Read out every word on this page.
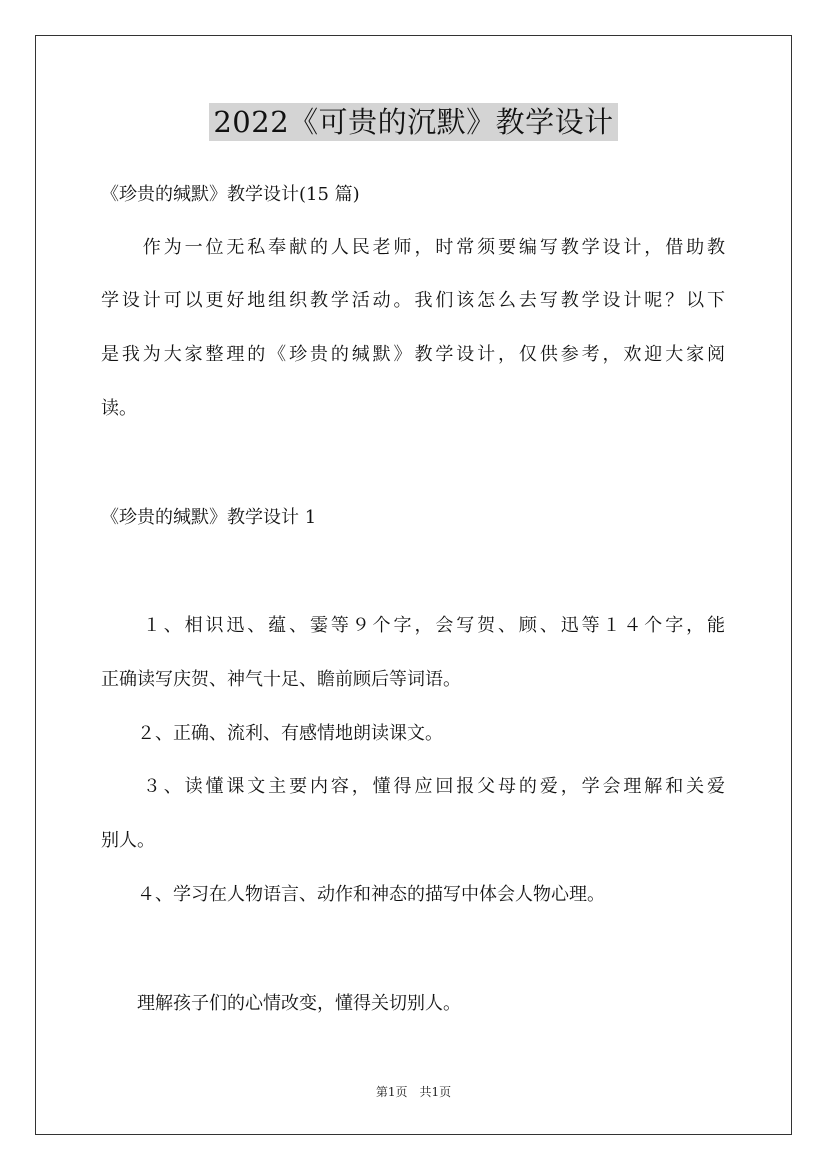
2022《可贵的沉默》教学设计

《珍贵的缄默》教学设计(15 篇)

　　作为一位无私奉献的人民老师，时常须要编写教学设计，借助教

学设计可以更好地组织教学活动。我们该怎么去写教学设计呢？以下

是我为大家整理的《珍贵的缄默》教学设计，仅供参考，欢迎大家阅

读。

《珍贵的缄默》教学设计 1

　　１、相识迅、蕴、霎等９个字，会写贺、顾、迅等１４个字，能

正确读写庆贺、神气十足、瞻前顾后等词语。

　　２、正确、流利、有感情地朗读课文。

　　３、读懂课文主要内容，懂得应回报父母的爱，学会理解和关爱

别人。

　　４、学习在人物语言、动作和神态的描写中体会人物心理。

　　理解孩子们的心情改变，懂得关切别人。

第1页　共1页
